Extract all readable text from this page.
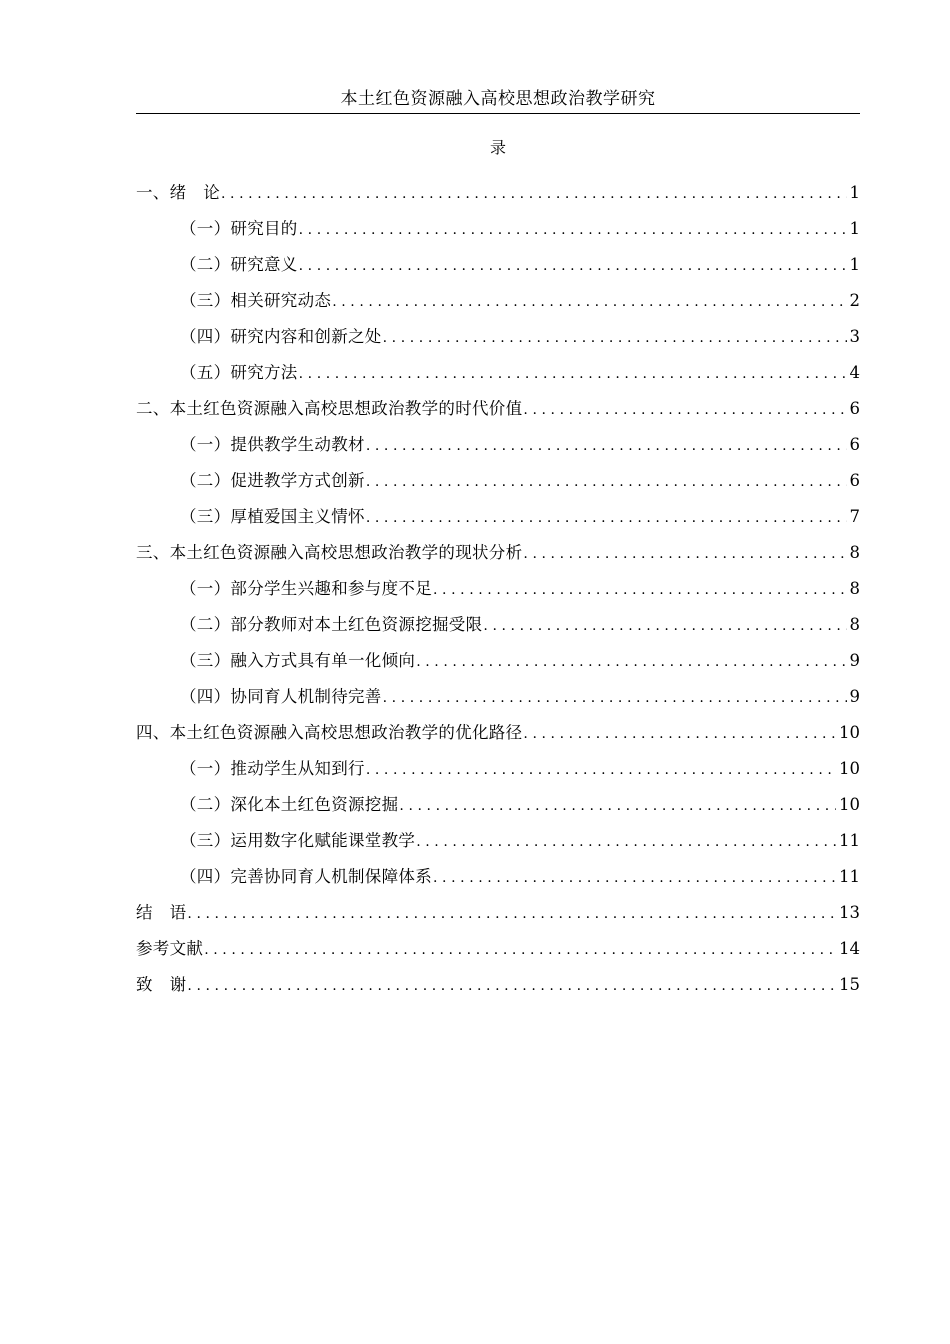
本土红色资源融入高校思想政治教学研究
录
一、绪　论 .....	1
（一）研究目的 .....	1
（二）研究意义 .....	1
（三）相关研究动态 .....	2
（四）研究内容和创新之处 .....	3
（五）研究方法 .....	4
二、本土红色资源融入高校思想政治教学的时代价值 .....	6
（一）提供教学生动教材 .....	6
（二）促进教学方式创新 .....	6
（三）厚植爱国主义情怀 .....	7
三、本土红色资源融入高校思想政治教学的现状分析 .....	8
（一）部分学生兴趣和参与度不足 .....	8
（二）部分教师对本土红色资源挖掘受限 .....	8
（三）融入方式具有单一化倾向 .....	9
（四）协同育人机制待完善 .....	9
四、本土红色资源融入高校思想政治教学的优化路径 .....	10
（一）推动学生从知到行 .....	10
（二）深化本土红色资源挖掘 .....	10
（三）运用数字化赋能课堂教学 .....	11
（四）完善协同育人机制保障体系 .....	11
结　语 .....	13
参考文献 .....	14
致　谢 .....	15
